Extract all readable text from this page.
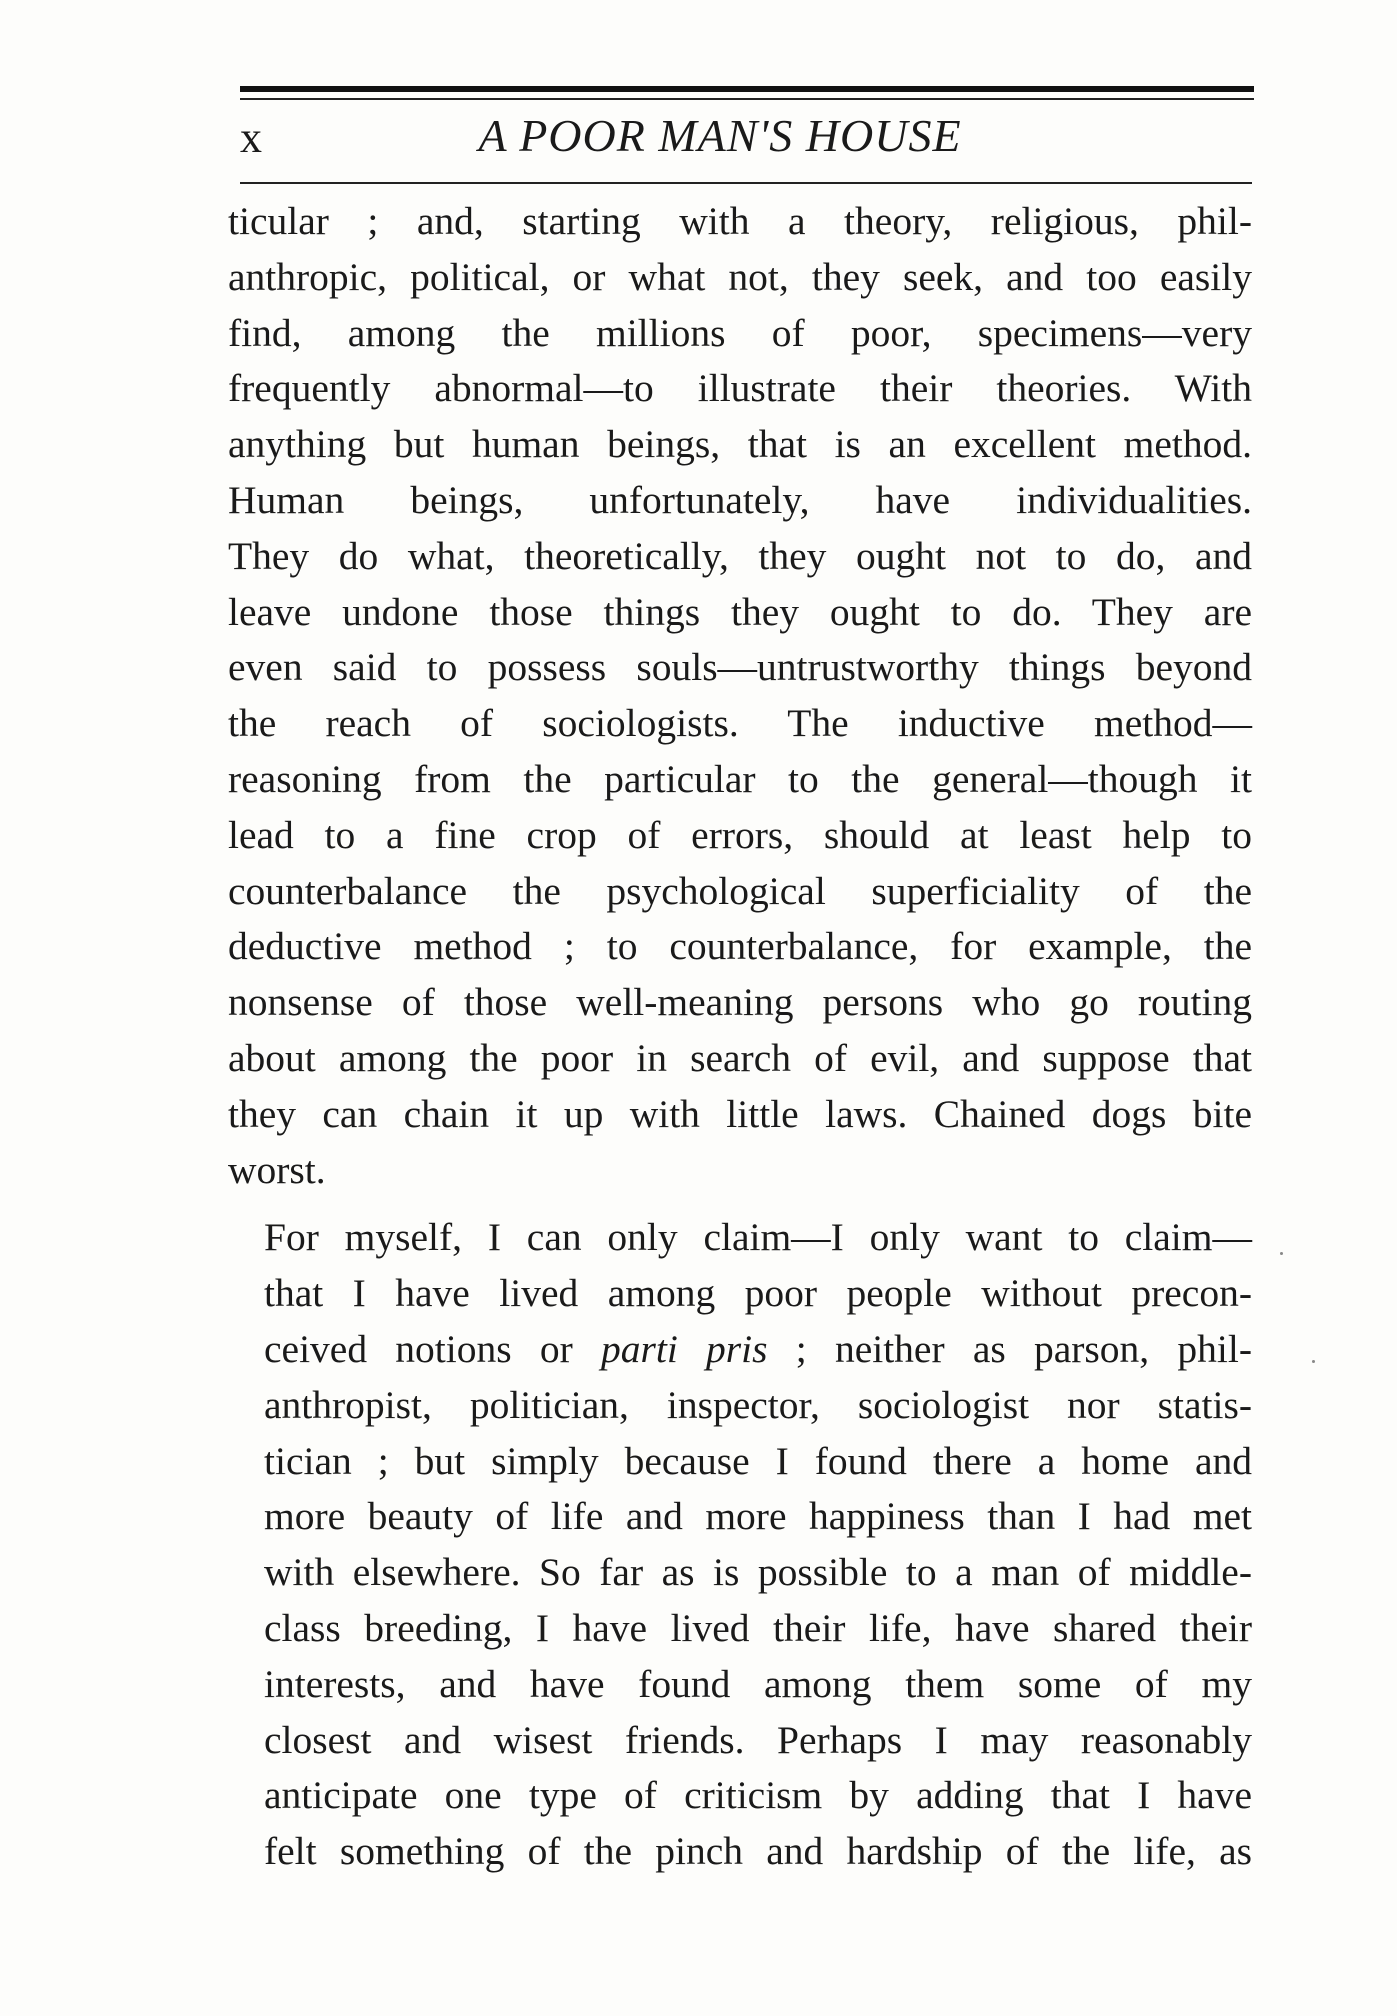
x	A POOR MAN'S HOUSE

ticular ; and, starting with a theory, religious, phil-
anthropic, political, or what not, they seek, and too easily
find, among the millions of poor, specimens—very
frequently abnormal—to illustrate their theories. With
anything but human beings, that is an excellent method.
Human beings, unfortunately, have individualities.
They do what, theoretically, they ought not to do, and
leave undone those things they ought to do. They are
even said to possess souls—untrustworthy things beyond
the reach of sociologists. The inductive method—
reasoning from the particular to the general—though it
lead to a fine crop of errors, should at least help to
counterbalance the psychological superficiality of the
deductive method ; to counterbalance, for example, the
nonsense of those well-meaning persons who go routing
about among the poor in search of evil, and suppose that
they can chain it up with little laws. Chained dogs bite
worst.

For myself, I can only claim—I only want to claim—
that I have lived among poor people without precon-
ceived notions or parti pris ; neither as parson, phil-
anthropist, politician, inspector, sociologist nor statis-
tician ; but simply because I found there a home and
more beauty of life and more happiness than I had met
with elsewhere. So far as is possible to a man of middle-
class breeding, I have lived their life, have shared their
interests, and have found among them some of my
closest and wisest friends. Perhaps I may reasonably
anticipate one type of criticism by adding that I have
felt something of the pinch and hardship of the life, as
